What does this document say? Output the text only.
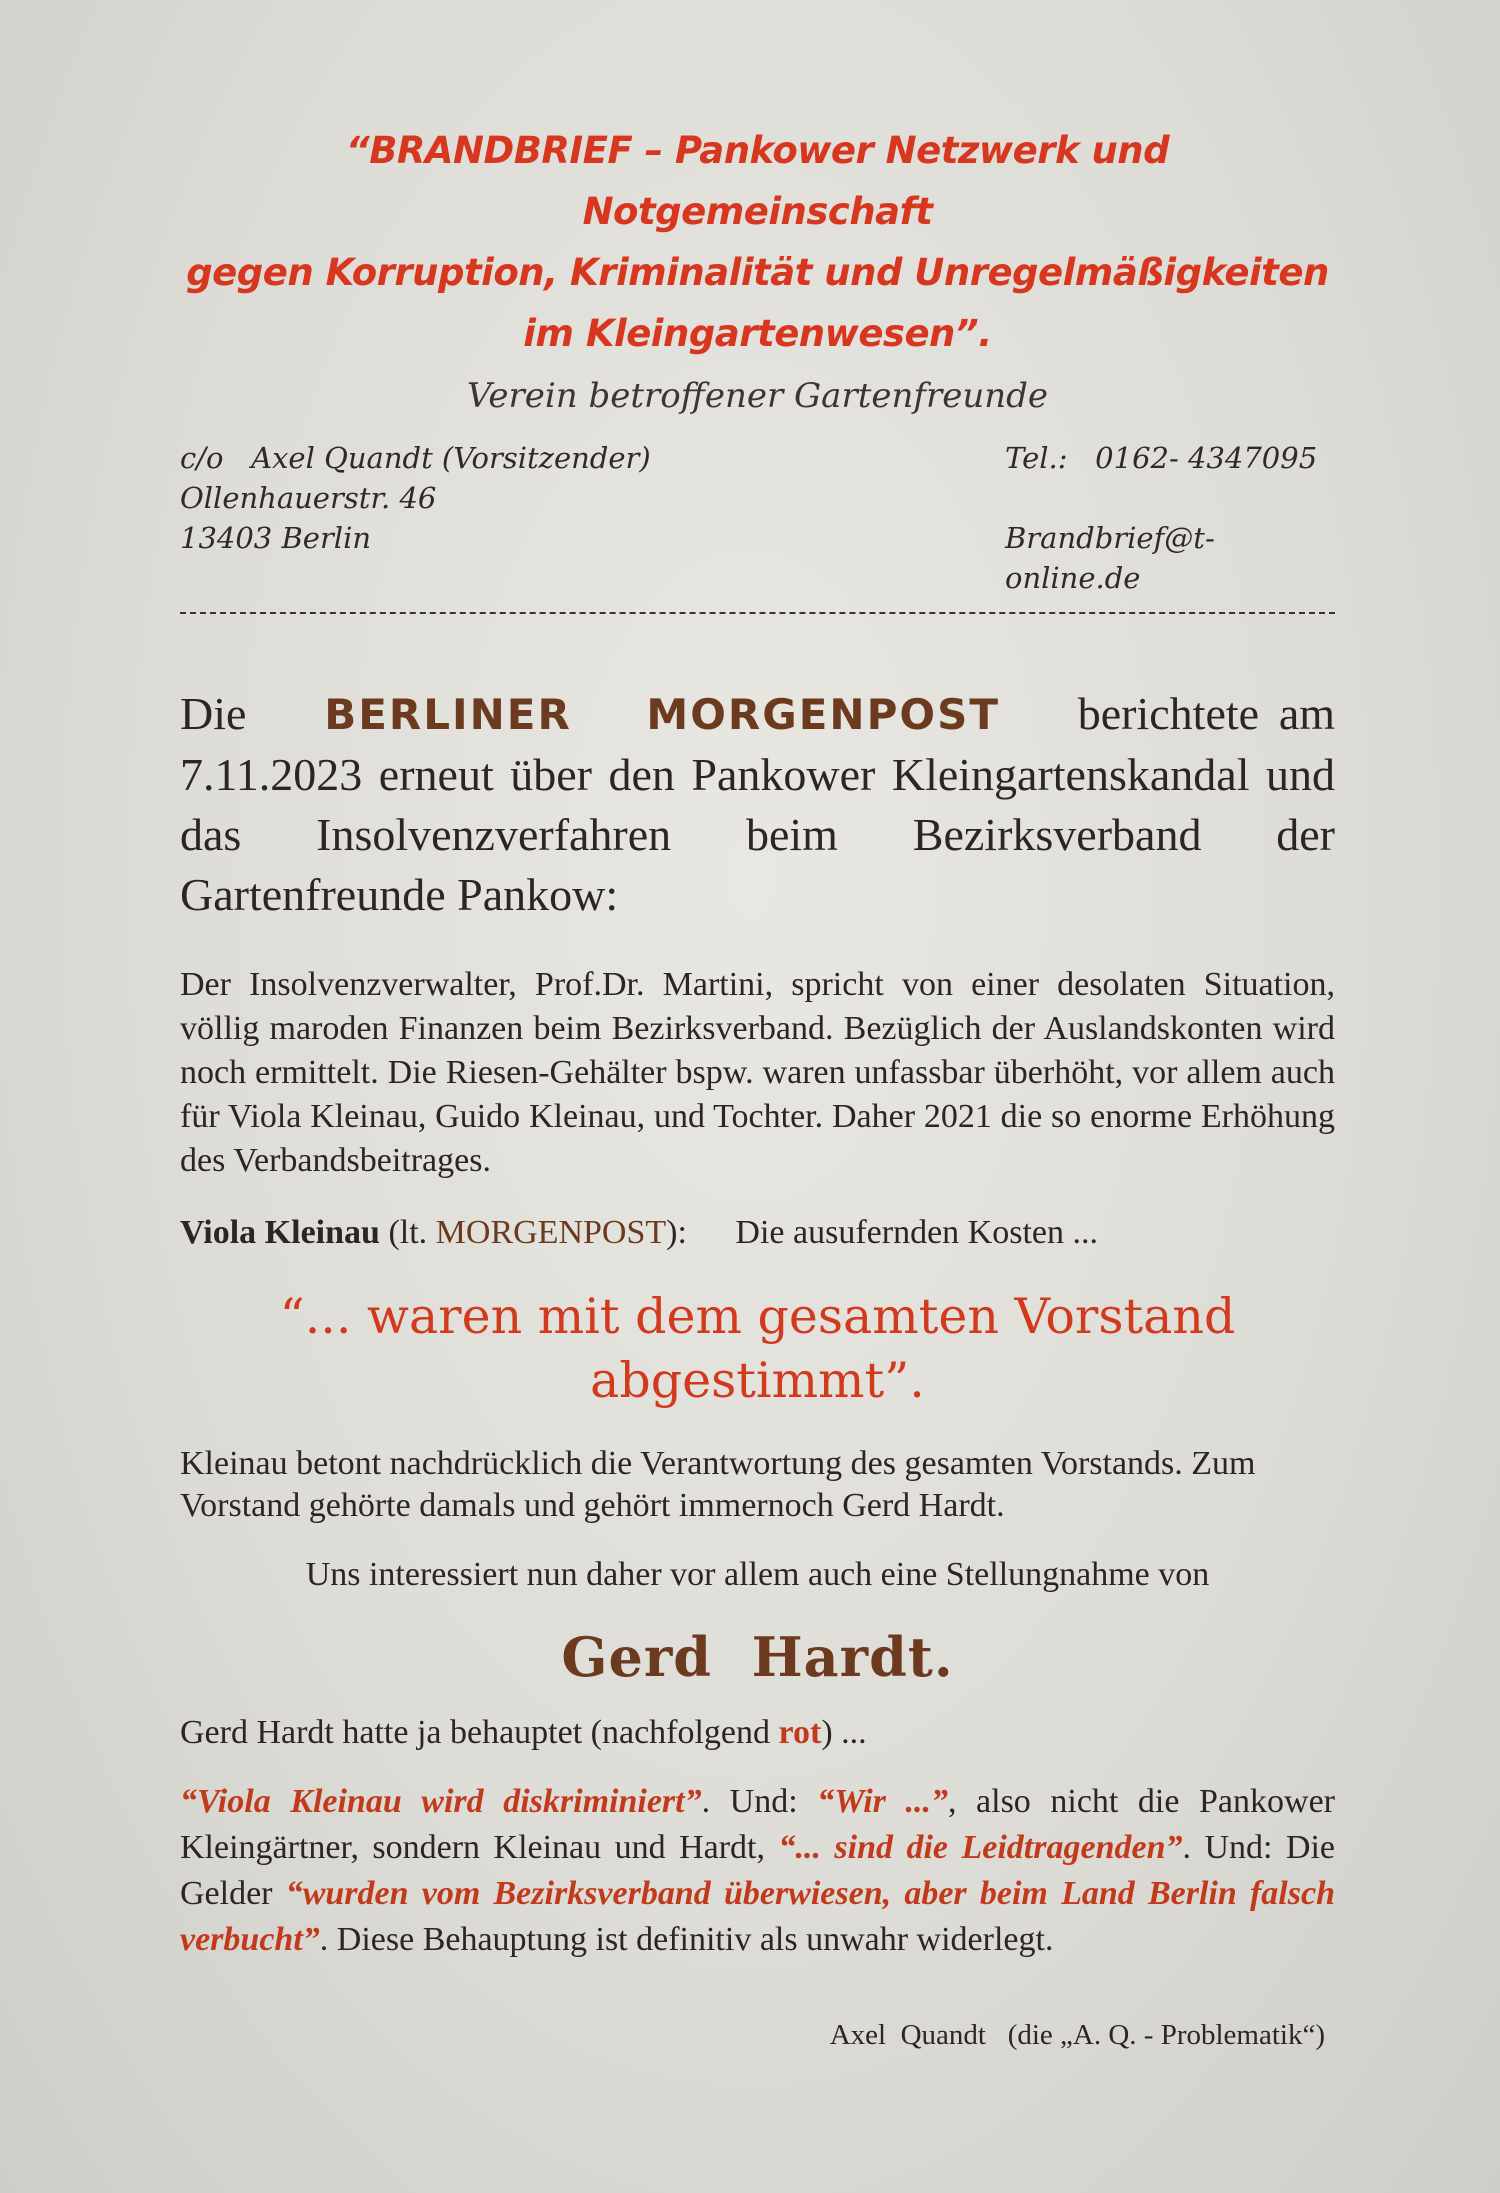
“BRANDBRIEF – Pankower Netzwerk und Notgemeinschaft

gegen Korruption, Kriminalität und Unregelmäßigkeiten

im Kleingartenwesen”.

Verein betroffener Gartenfreunde

c/o   Axel Quandt (Vorsitzender)
Ollenhauerstr. 46
13403 Berlin
Tel.:   0162- 4347095

Brandbrief@t-online.de
Die BERLINER   MORGENPOST berichtete am 7.11.2023 erneut über den Pankower Kleingartenskandal und das Insolvenzverfahren beim Bezirksverband der Gartenfreunde Pankow:
Der Insolvenzverwalter, Prof.Dr. Martini, spricht von einer desolaten Situation, völlig maroden Finanzen beim Bezirksverband. Bezüglich der Auslandskonten wird noch ermittelt. Die Riesen-Gehälter bspw. waren unfassbar überhöht, vor allem auch für Viola Kleinau, Guido Kleinau, und Tochter. Daher 2021 die so enorme Erhöhung des Verbandsbeitrages.
Viola Kleinau (lt. MORGENPOST): Die ausufernden Kosten ...
“... waren mit dem gesamten Vorstand
abgestimmt”.
Kleinau betont nachdrücklich die Verantwortung des gesamten Vorstands. Zum Vorstand gehörte damals und gehört immernoch Gerd Hardt.
Uns interessiert nun daher vor allem auch eine Stellungnahme von
Gerd  Hardt.
Gerd Hardt hatte ja behauptet (nachfolgend rot) ...
“Viola Kleinau wird diskriminiert”. Und: “Wir ...”, also nicht die Pankower Kleingärtner, sondern Kleinau und Hardt, “... sind die Leidtragenden”. Und: Die Gelder “wurden vom Bezirksverband überwiesen, aber beim Land Berlin falsch verbucht”. Diese Behauptung ist definitiv als unwahr widerlegt.
Axel  Quandt   (die „A. Q. - Problematik“)
